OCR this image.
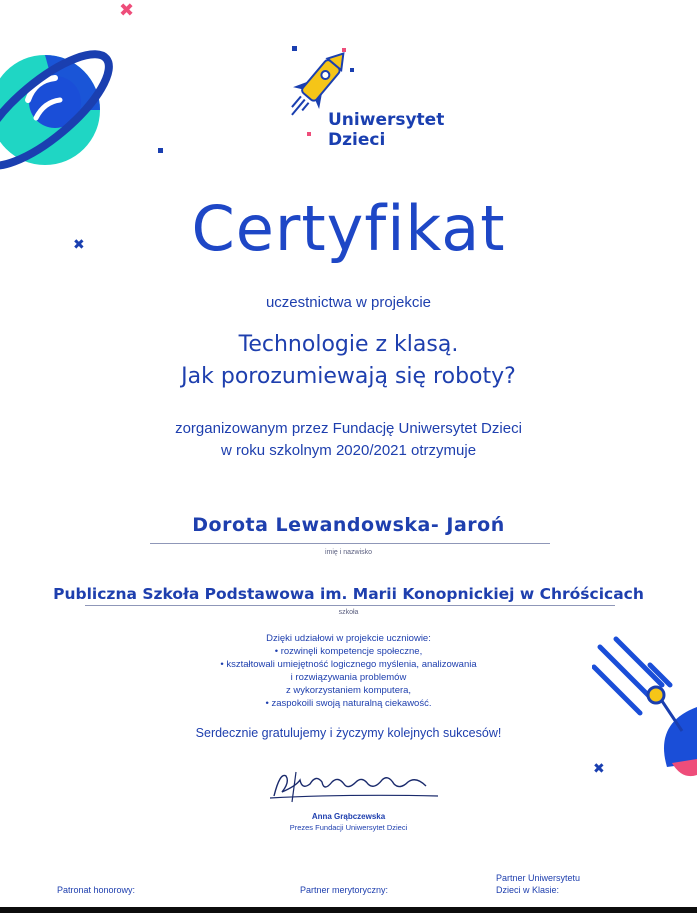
✖
✖
✖
Uniwersytet
Dzieci
Certyfikat
uczestnictwa w projekcie
Technologie z klasą.
Jak porozumiewają się roboty?
zorganizowanym przez Fundację Uniwersytet Dzieci
w roku szkolnym 2020/2021 otrzymuje
Dorota Lewandowska- Jaroń
imię i nazwisko
Publiczna Szkoła Podstawowa im. Marii Konopnickiej w Chróścicach
szkoła
Dzięki udziałowi w projekcie uczniowie:
• rozwinęli kompetencje społeczne,
• kształtowali umiejętność logicznego myślenia, analizowania
i rozwiązywania problemów
z wykorzystaniem komputera,
• zaspokoili swoją naturalną ciekawość.
Serdecznie gratulujemy i życzymy kolejnych sukcesów!
Anna Grąbczewska
Prezes Fundacji Uniwersytet Dzieci
Patronat honorowy:	Partner merytoryczny:
Partner Uniwersytetu
Dzieci w Klasie:
